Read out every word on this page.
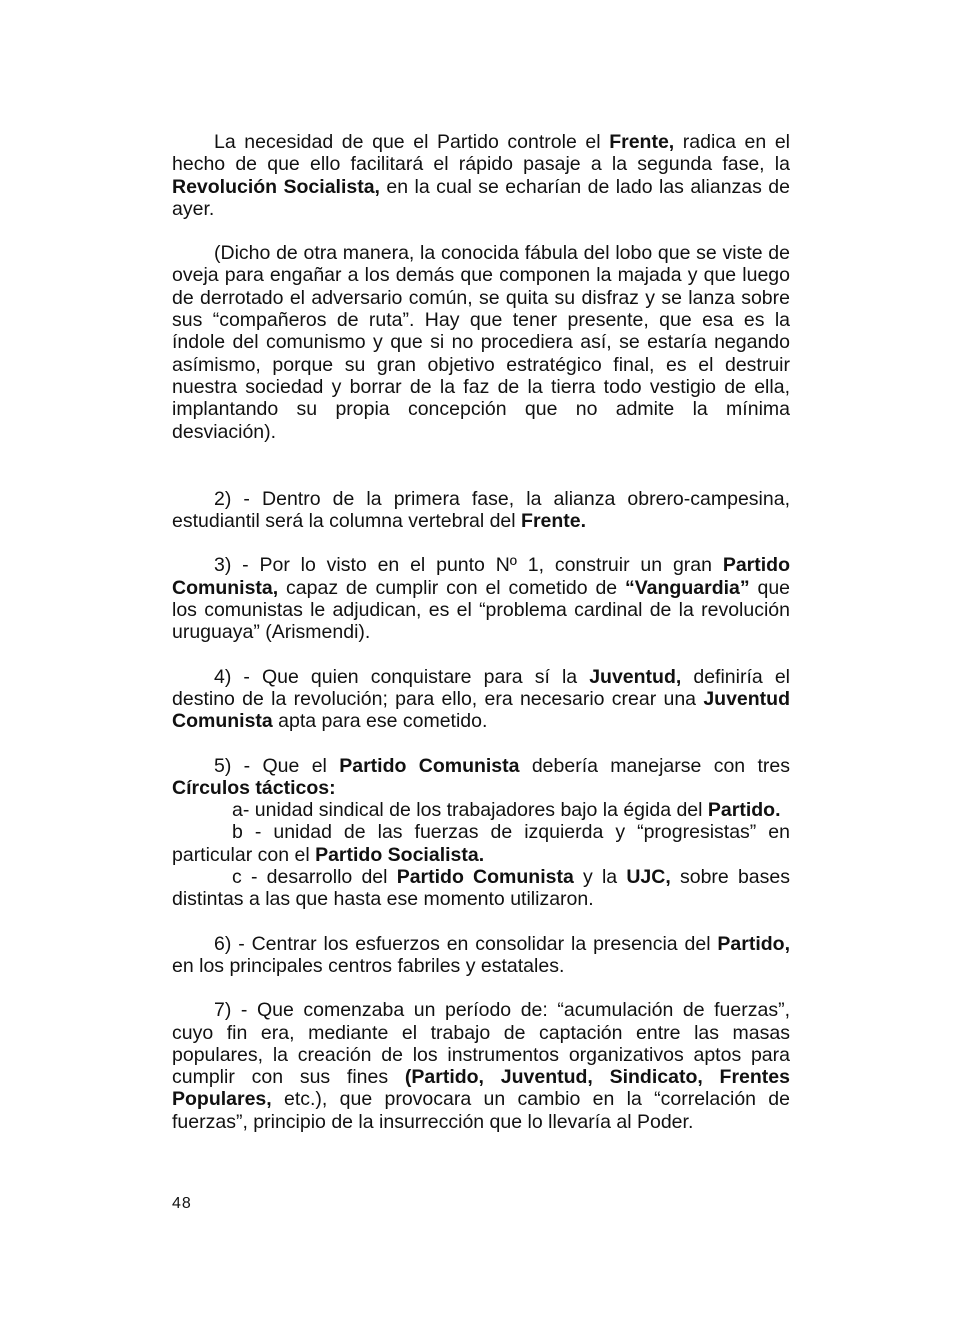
La necesidad de que el Partido controle el Frente, radica en el hecho de que ello facilitará el rápido pasaje a la segunda fase, la Revolución Socialista, en la cual se echarían de lado las alianzas de ayer.

(Dicho de otra manera, la conocida fábula del lobo que se viste de oveja para engañar a los demás que componen la majada y que luego de derrotado el adversario común, se quita su disfraz y se lanza sobre sus “compañeros de ruta”. Hay que tener presente, que esa es la índole del comunismo y que si no procediera así, se estaría negando asímismo, porque su gran objetivo estratégico final, es el destruir nuestra sociedad y borrar de la faz de la tierra todo vestigio de ella, implantando su propia concepción que no admite la mínima desviación).

2) - Dentro de la primera fase, la alianza obrero-campesina, estudiantil será la columna vertebral del Frente.

3) - Por lo visto en el punto Nº 1, construir un gran Partido Comunista, capaz de cumplir con el cometido de “Vanguardia” que los comunistas le adjudican, es el “problema cardinal de la revolución uruguaya” (Arismendi).

4) - Que quien conquistare para sí la Juventud, definiría el destino de la revolución; para ello, era necesario crear una Juventud Comunista apta para ese cometido.

5) - Que el Partido Comunista debería manejarse con tres Círculos tácticos:

a- unidad sindical de los trabajadores bajo la égida del Partido.

b - unidad de las fuerzas de izquierda y “progresistas” en particular con el Partido Socialista.

c - desarrollo del Partido Comunista y la UJC, sobre bases distintas a las que hasta ese momento utilizaron.

6) - Centrar los esfuerzos en consolidar la presencia del Partido, en los principales centros fabriles y estatales.

7) - Que comenzaba un período de: “acumulación de fuerzas”, cuyo fin era, mediante el trabajo de captación entre las masas populares, la creación de los instrumentos organizativos aptos para cumplir con sus fines (Partido, Juventud, Sindicato, Frentes Populares, etc.), que provocara un cambio en la “correlación de fuerzas”, principio de la insurrección que lo llevaría al Poder.

48
